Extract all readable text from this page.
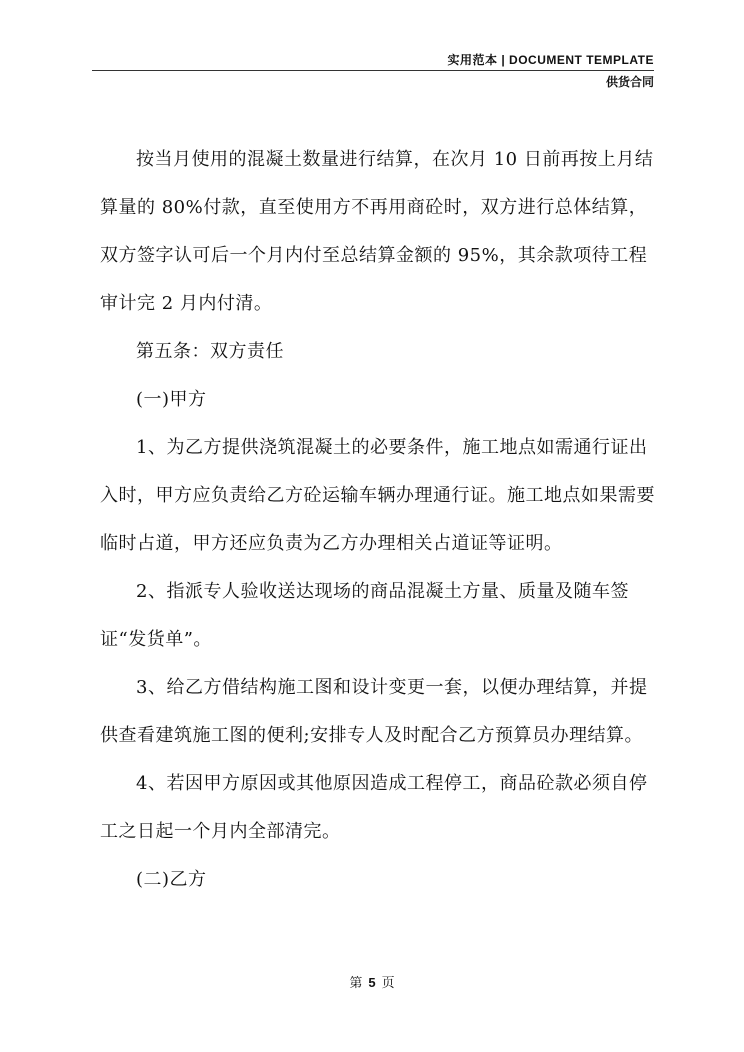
实用范本 | DOCUMENT TEMPLATE
供货合同

按当月使用的混凝土数量进行结算，在次月 10 日前再按上月结算量的 80%付款，直至使用方不再用商砼时，双方进行总体结算，双方签字认可后一个月内付至总结算金额的 95%，其余款项待工程审计完 2 月内付清。

第五条：双方责任

(一)甲方

1、为乙方提供浇筑混凝土的必要条件，施工地点如需通行证出入时，甲方应负责给乙方砼运输车辆办理通行证。施工地点如果需要临时占道，甲方还应负责为乙方办理相关占道证等证明。

2、指派专人验收送达现场的商品混凝土方量、质量及随车签证“发货单”。

3、给乙方借结构施工图和设计变更一套，以便办理结算，并提供查看建筑施工图的便利;安排专人及时配合乙方预算员办理结算。

4、若因甲方原因或其他原因造成工程停工，商品砼款必须自停工之日起一个月内全部清完。

(二)乙方

第 5 页
